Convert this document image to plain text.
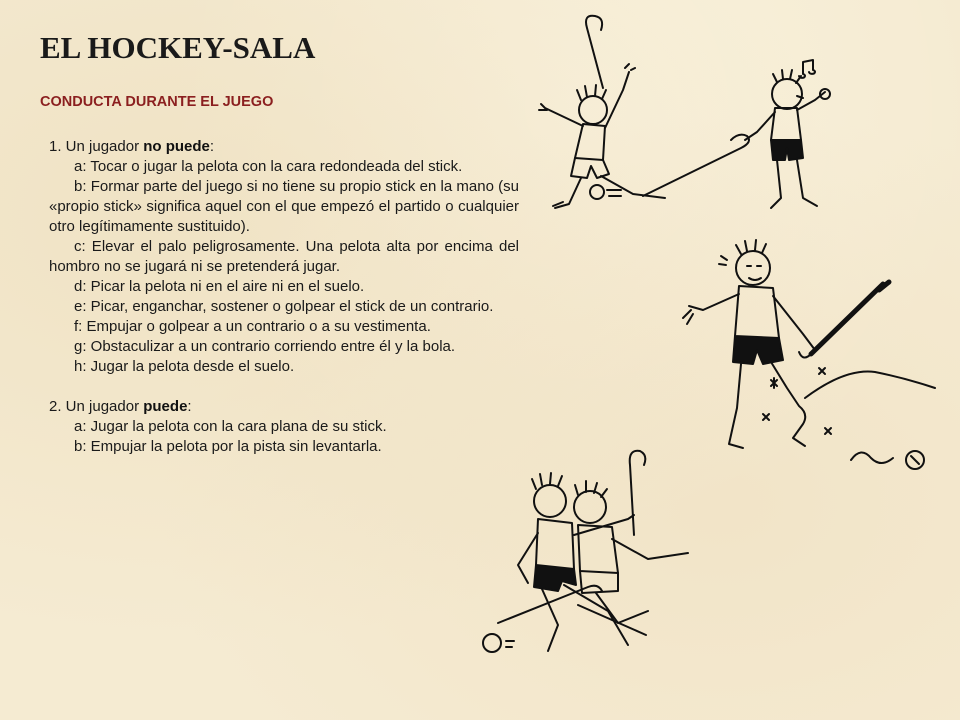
EL HOCKEY-SALA
CONDUCTA DURANTE EL JUEGO

1. Un jugador no puede:

a: Tocar o jugar la pelota con la cara redondeada del stick.

b: Formar parte del juego si no tiene su propio stick en la mano (su «propio stick» significa aquel con el que empezó el partido o cualquier otro legítimamente sustituido).

c: Elevar el palo peligrosamente. Una pelota alta por encima del hombro no se jugará ni se pretenderá jugar.

d: Picar la pelota ni en el aire ni en el suelo.

e: Picar, enganchar, sostener o golpear el stick de un contrario.

f: Empujar o golpear a un contrario o a su vestimenta.

g: Obstaculizar a un contrario corriendo entre él y la bola.

h: Jugar la pelota desde el suelo.

2. Un jugador puede:

a: Jugar la pelota con la cara plana de su stick.

b: Empujar la pelota por la pista sin levantarla.
